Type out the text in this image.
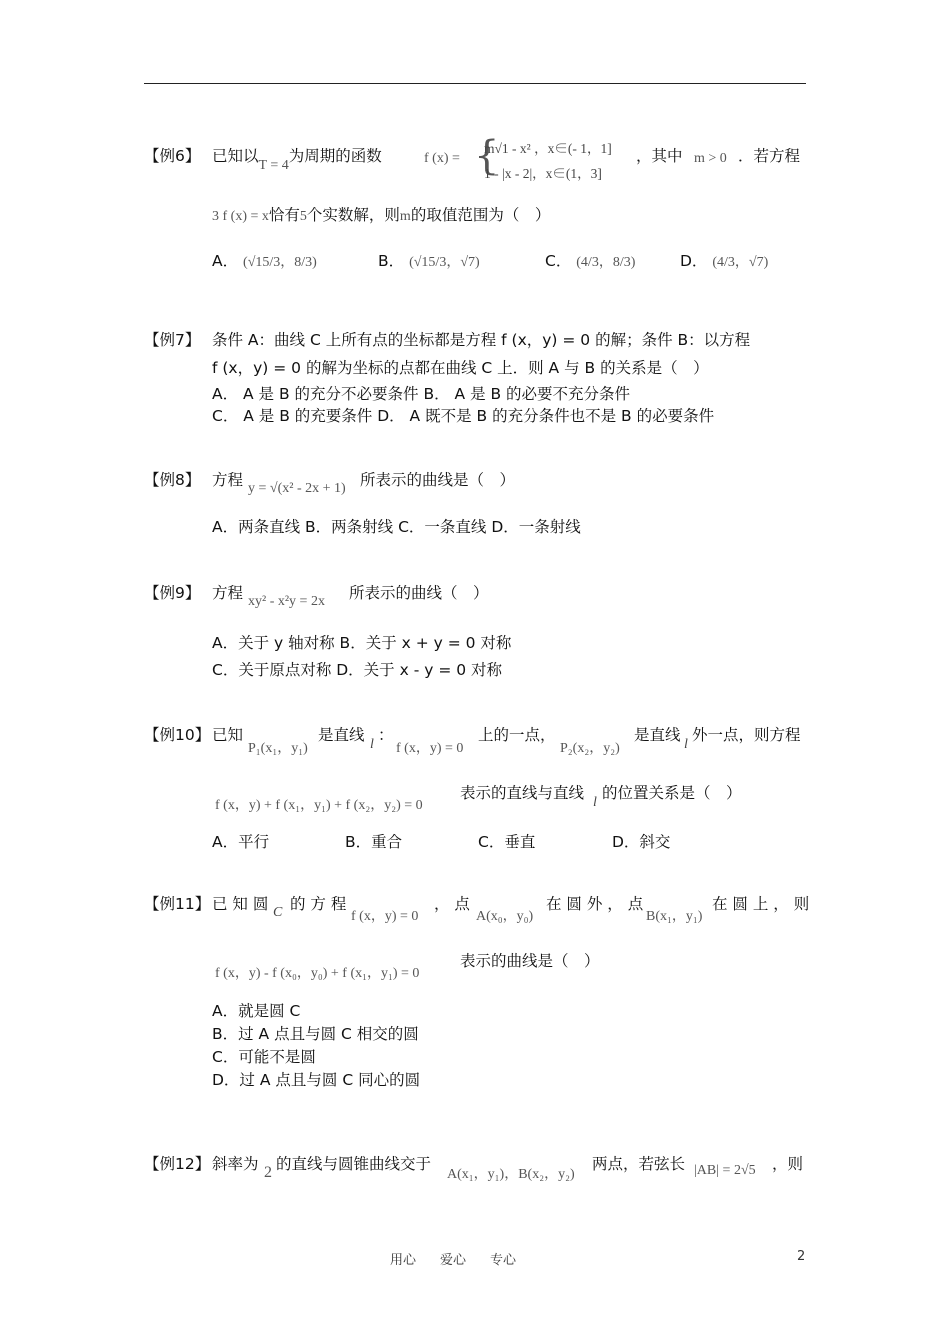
【例6】 已知以T = 4为周期的函数	f (x) = {
m√1 - x² ，x∈(- 1，1]
1 - |x - 2|，x∈(1，3]
，其中 m > 0 ．若方程
3 f (x) = x恰有5个实数解，则m的取值范围为（　）
A． (√15/3，8/3)	B． (√15/3，√7)	C． (4/3，8/3)	D． (4/3，√7)
【例7】 条件 A：曲线 C 上所有点的坐标都是方程 f (x，y) = 0 的解；条件 B：以方程
f (x，y) = 0 的解为坐标的点都在曲线 C 上．则 A 与 B 的关系是（　）
A． A 是 B 的充分不必要条件 B． A 是 B 的必要不充分条件
C． A 是 B 的充要条件 D． A 既不是 B 的充分条件也不是 B 的必要条件
【例8】 方程 y = √(x² - 2x + 1) 所表示的曲线是（　）
A．两条直线 B．两条射线 C．一条直线 D．一条射线
【例9】 方程 xy² - x²y = 2x 所表示的曲线（　）
A．关于 y 轴对称 B．关于 x + y = 0 对称
C．关于原点对称 D．关于 x - y = 0 对称
【例10】 已知
P₁(x₁，y₁)
是直线
l
：
f (x，y) = 0
上的一点，
P₂(x₂，y₂)
是直线
l
外一点，则方程
f (x，y) + f (x₁，y₁) + f (x₂，y₂) = 0
表示的直线与直线
l
的位置关系是（　）
A．平行	B．重合	C．垂直	D．斜交
【例11】 已 知 圆 C 的 方 程
f (x，y) = 0
， 点
A(x₀，y₀)
在 圆 外 ， 点
B(x₁，y₁)
在 圆 上 ， 则
f (x，y) - f (x₀，y₀) + f (x₁，y₁) = 0
表示的曲线是（　）
A．就是圆 C
B．过 A 点且与圆 C 相交的圆
C．可能不是圆
D．过 A 点且与圆 C 同心的圆
【例12】 斜率为 2 的直线与圆锥曲线交于
A(x₁，y₁)，B(x₂，y₂)
两点，若弦长 |AB| = 2√5 ，则
用心 爱心 专心	2
